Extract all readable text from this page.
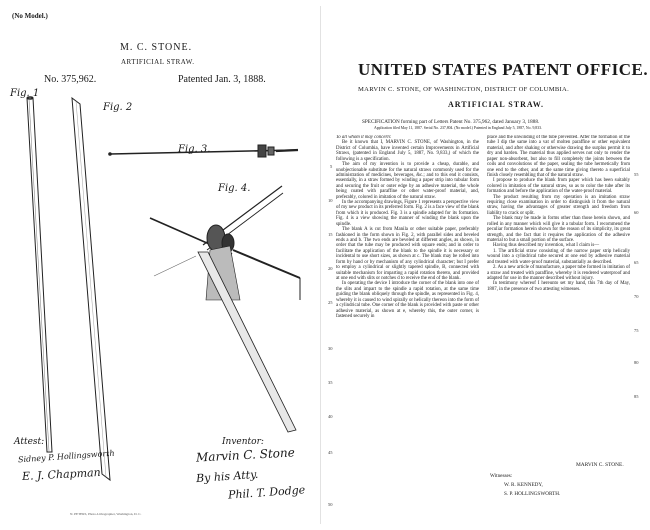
(No Model.)
M. C. STONE.
ARTIFICIAL STRAW.
No. 375,962.	Patented Jan. 3, 1888.
Fig. 1
Fig. 2
Fig. 3.
Fig. 4.
Attest:
Sidney P. Hollingsworth
E. J. Chapman
Inventor:
Marvin C. Stone
By his Atty.
Phil. T. Dodge
N. PETERS, Photo-Lithographer, Washington, D. C.
UNITED STATES PATENT OFFICE.
MARVIN C. STONE, OF WASHINGTON, DISTRICT OF COLUMBIA.
ARTIFICIAL STRAW.
SPECIFICATION forming part of Letters Patent No. 375,962, dated January 3, 1888.
Application filed May 11, 1887. Serial No. 237,804. (No model.) Patented in England July 5, 1887, No. 9,833.

To all whom it may concern:

Be it known that I, MARVIN C. STONE, of Washington, in the District of Columbia, have invented certain Improvements in Artificial Straws, (patented in England July 5, 1887, No. 9,833,) of which the following is a specification.

The aim of my invention is to provide a cheap, durable, and unobjectionable substitute for the natural straws commonly used for the administration of medicines, beverages, &c.; and to this end it consists, essentially, in a straw formed by winding a paper strip into tubular form and securing the fruit or outer edge by an adhesive material, the whole being coated with paraffine or other water-proof material, and, preferably, colored in imitation of the natural straw.

In the accompanying drawings, Figure 1 represents a perspective view of my new product in its preferred form. Fig. 2 is a face view of the blank from which it is produced. Fig. 3 is a spindle adapted for its formation. Fig. 4 is a view showing the manner of winding the blank upon the spindle.

The blank A is cut from Manila or other suitable paper, preferably fashioned in the form shown in Fig. 2, with parallel sides and beveled ends a and b. The two ends are beveled at different angles, as shown, in order that the tube may be produced with square ends; and in order to facilitate the application of the blank to the spindle it is necessary or incidental to use short sizes, as shown at c. The blank may be rolled into form by hand or by mechanism of any cylindrical character; but I prefer to employ a cylindrical or slightly tapered spindle, B, connected with suitable mechanism for imparting a rapid rotation thereto, and provided at one end with slits or notches d to receive the end of the blank.

In operating the device I introduce the corner of the blank into one of the slits and impart to the spindle a rapid rotation, at the same time guiding the blank obliquely through the spindle, as represented in Fig. 4, whereby it is caused to wind spirally or helically thereon into the form of a cylindrical tube. One corner of the blank is provided with paste or other adhesive material, as shown at e, whereby this, the outer corner, is fastened securely in

5
10
15
20
25
30
35
40
45
50

place and the unwinding of the tube prevented. After the formation of the tube I dip the same into a vat of molten paraffine or other equivalent material, and after shaking or otherwise drawing the surplus permit it to dry and harden. The material thus applied serves not only to render the paper non-absorbent, but also to fill completely the joints between the coils and convolutions of the paper, sealing the tube hermetically from one end to the other, and at the same time giving thereto a superficial finish closely resembling that of the natural straw.

I propose to produce the blank from paper which has been suitably colored in imitation of the natural straw, so as to color the tube after its formation and before the application of the water-proof material.

The product resulting from my operation is an imitation straw requiring close examination in order to distinguish it from the natural straw, having the advantages of greater strength and freedom from liability to crack or split.

The blank may be made in forms other than those herein shown, and rolled in any manner which will give it a tubular form. I recommend the peculiar formation herein shown for the reason of its simplicity, its great strength, and the fact that it requires the application of the adhesive material to but a small portion of the surface.

Having thus described my invention, what I claim is—

1. The artificial straw consisting of the narrow paper strip helically wound into a cylindrical tube secured at one end by adhesive material and treated with water-proof material, substantially as described.

2. As a new article of manufacture, a paper tube formed in imitation of a straw and treated with paraffine, whereby it is rendered waterproof and adapted for use in the manner described without injury.

In testimony whereof I hereunto set my hand, this 7th day of May, 1887, in the presence of two attesting witnesses.

55
60
65
70
75
80
85
MARVIN C. STONE.
Witnesses:
W. R. KENNEDY,
S. P. HOLLINGSWORTH.
